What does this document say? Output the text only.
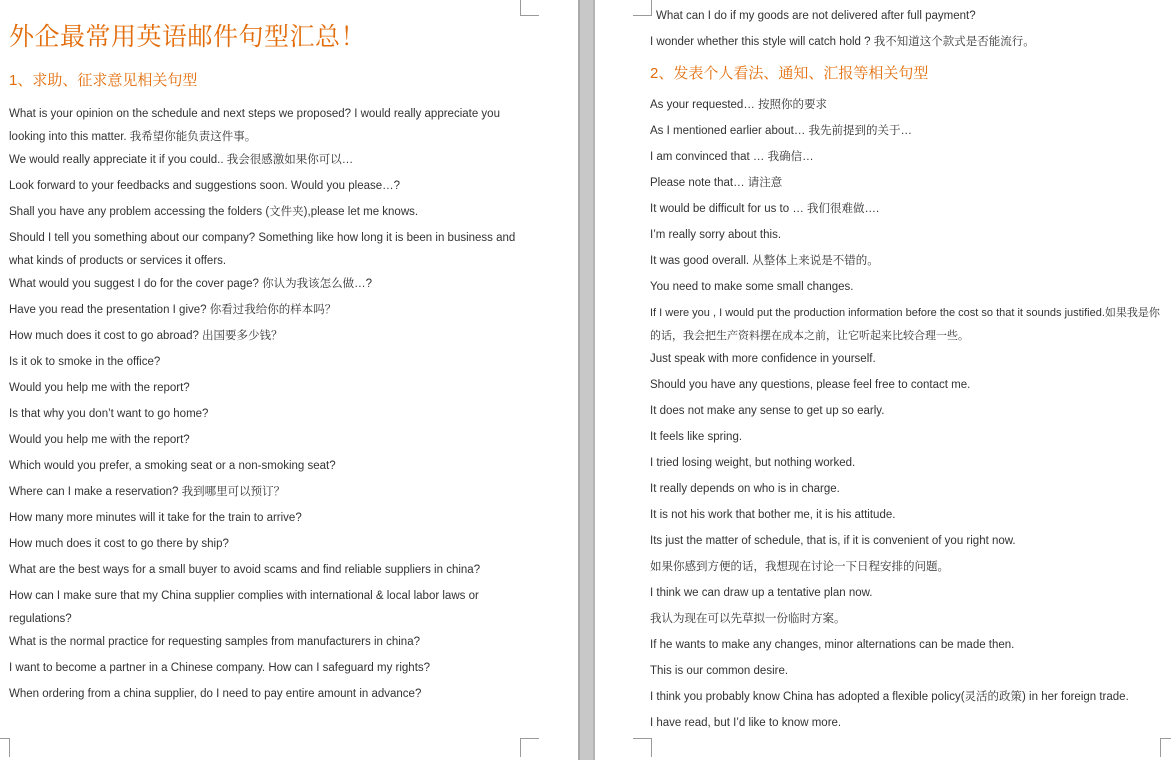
外企最常用英语邮件句型汇总！
1、求助、征求意见相关句型
What is your opinion on the schedule and next steps we proposed? I would really appreciate you looking into this matter. 我希望你能负责这件事。
We would really appreciate it if you could.. 我会很感激如果你可以…
Look forward to your feedbacks and suggestions soon. Would you please…?
Shall you have any problem accessing the folders (文件夹),please let me knows.
Should I tell you something about our company? Something like how long it is been in business and what kinds of products or services it offers.
What would you suggest I do for the cover page? 你认为我该怎么做…?
Have you read the presentation I give? 你看过我给你的样本吗？
How much does it cost to go abroad? 出国要多少钱？
Is it ok to smoke in the office?
Would you help me with the report?
Is that why you don’t want to go home?
Would you help me with the report?
Which would you prefer, a smoking seat or a non-smoking seat?
Where can I make a reservation? 我到哪里可以预订？
How many more minutes will it take for the train to arrive?
How much does it cost to go there by ship?
What are the best ways for a small buyer to avoid scams and find reliable suppliers in china?
How can I make sure that my China supplier complies with international & local labor laws or regulations?
What is the normal practice for requesting samples from manufacturers in china?
I want to become a partner in a Chinese company. How can I safeguard my rights?
When ordering from a china supplier, do I need to pay entire amount in advance?
What can I do if my goods are not delivered after full payment?
I wonder whether this style will catch hold ? 我不知道这个款式是否能流行。
2、发表个人看法、通知、汇报等相关句型
As your requested… 按照你的要求
As I mentioned earlier about… 我先前提到的关于…
I am convinced that … 我确信…
Please note that… 请注意
It would be difficult for us to … 我们很难做….
I’m really sorry about this.
It was good overall. 从整体上来说是不错的。
You need to make some small changes.
If I were you , I would put the production information before the cost so that it sounds justified.如果我是你的话，我会把生产资料摆在成本之前，让它听起来比较合理一些。
Just speak with more confidence in yourself.
Should you have any questions, please feel free to contact me.
It does not make any sense to get up so early.
It feels like spring.
I tried losing weight, but nothing worked.
It really depends on who is in charge.
It is not his work that bother me, it is his attitude.
Its just the matter of schedule, that is, if it is convenient of you right now.
如果你感到方便的话，我想现在讨论一下日程安排的问题。
I think we can draw up a tentative plan now.
我认为现在可以先草拟一份临时方案。
If he wants to make any changes, minor alternations can be made then.
This is our common desire.
I think you probably know China has adopted a flexible policy(灵活的政策) in her foreign trade.
I have read, but I’d like to know more.
